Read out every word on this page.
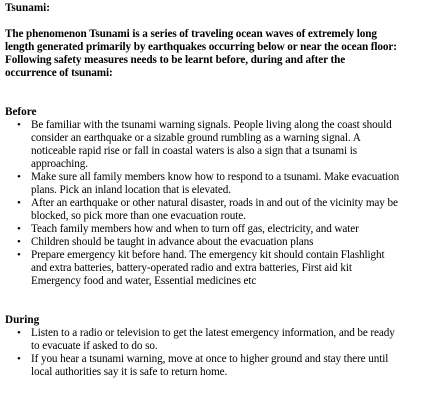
Tsunami:

The phenomenon Tsunami is a series of traveling ocean waves of extremely long
length generated primarily by earthquakes occurring below or near the ocean floor:
Following safety measures needs to be learnt before, during and after the
occurrence of tsunami:

Before

• Be familiar with the tsunami warning signals. People living along the coast should
consider an earthquake or a sizable ground rumbling as a warning signal. A
noticeable rapid rise or fall in coastal waters is also a sign that a tsunami is
approaching.
• Make sure all family members know how to respond to a tsunami. Make evacuation
plans. Pick an inland location that is elevated.
• After an earthquake or other natural disaster, roads in and out of the vicinity may be
blocked, so pick more than one evacuation route.
• Teach family members how and when to turn off gas, electricity, and water
• Children should be taught in advance about the evacuation plans
• Prepare emergency kit before hand. The emergency kit should contain Flashlight
and extra batteries, battery-operated radio and extra batteries, First aid kit
Emergency food and water, Essential medicines etc

During

• Listen to a radio or television to get the latest emergency information, and be ready
to evacuate if asked to do so.
• If you hear a tsunami warning, move at once to higher ground and stay there until
local authorities say it is safe to return home.
